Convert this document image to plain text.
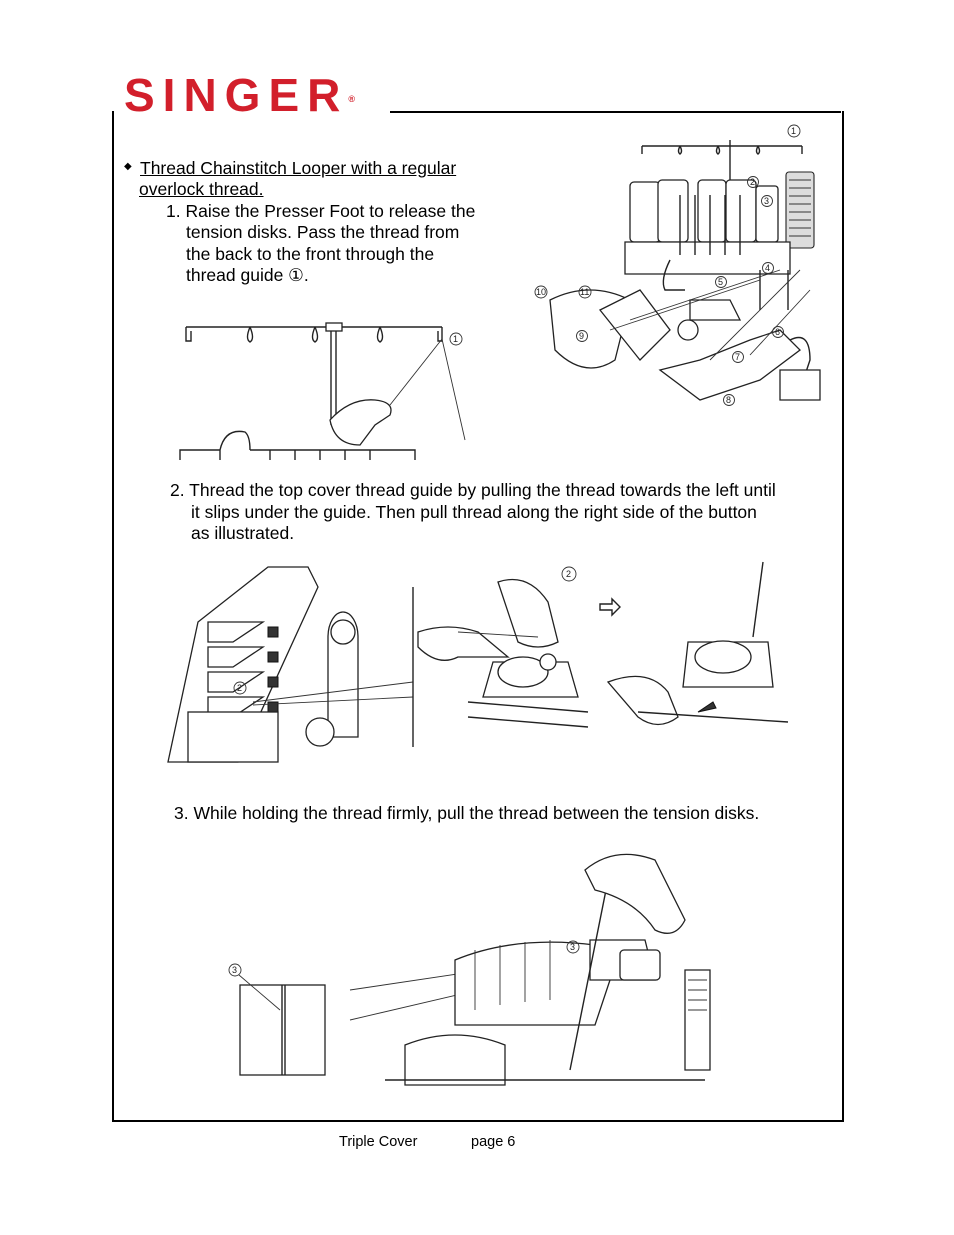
SINGER®
◆ Thread Chainstitch Looper with a regular
overlock thread.
1. Raise the Presser Foot to release the
tension disks. Pass the thread from
the back to the front through the
thread guide ①.
1
2
3
4
5
6
7
8
9
10	11
1
2. Thread the top cover thread guide by pulling the thread towards the left until
it slips under the guide. Then pull thread along the right side of the button
as illustrated.
2
2
3. While holding the thread firmly, pull the thread between the tension disks.
3
3
Triple Cover	page 6
